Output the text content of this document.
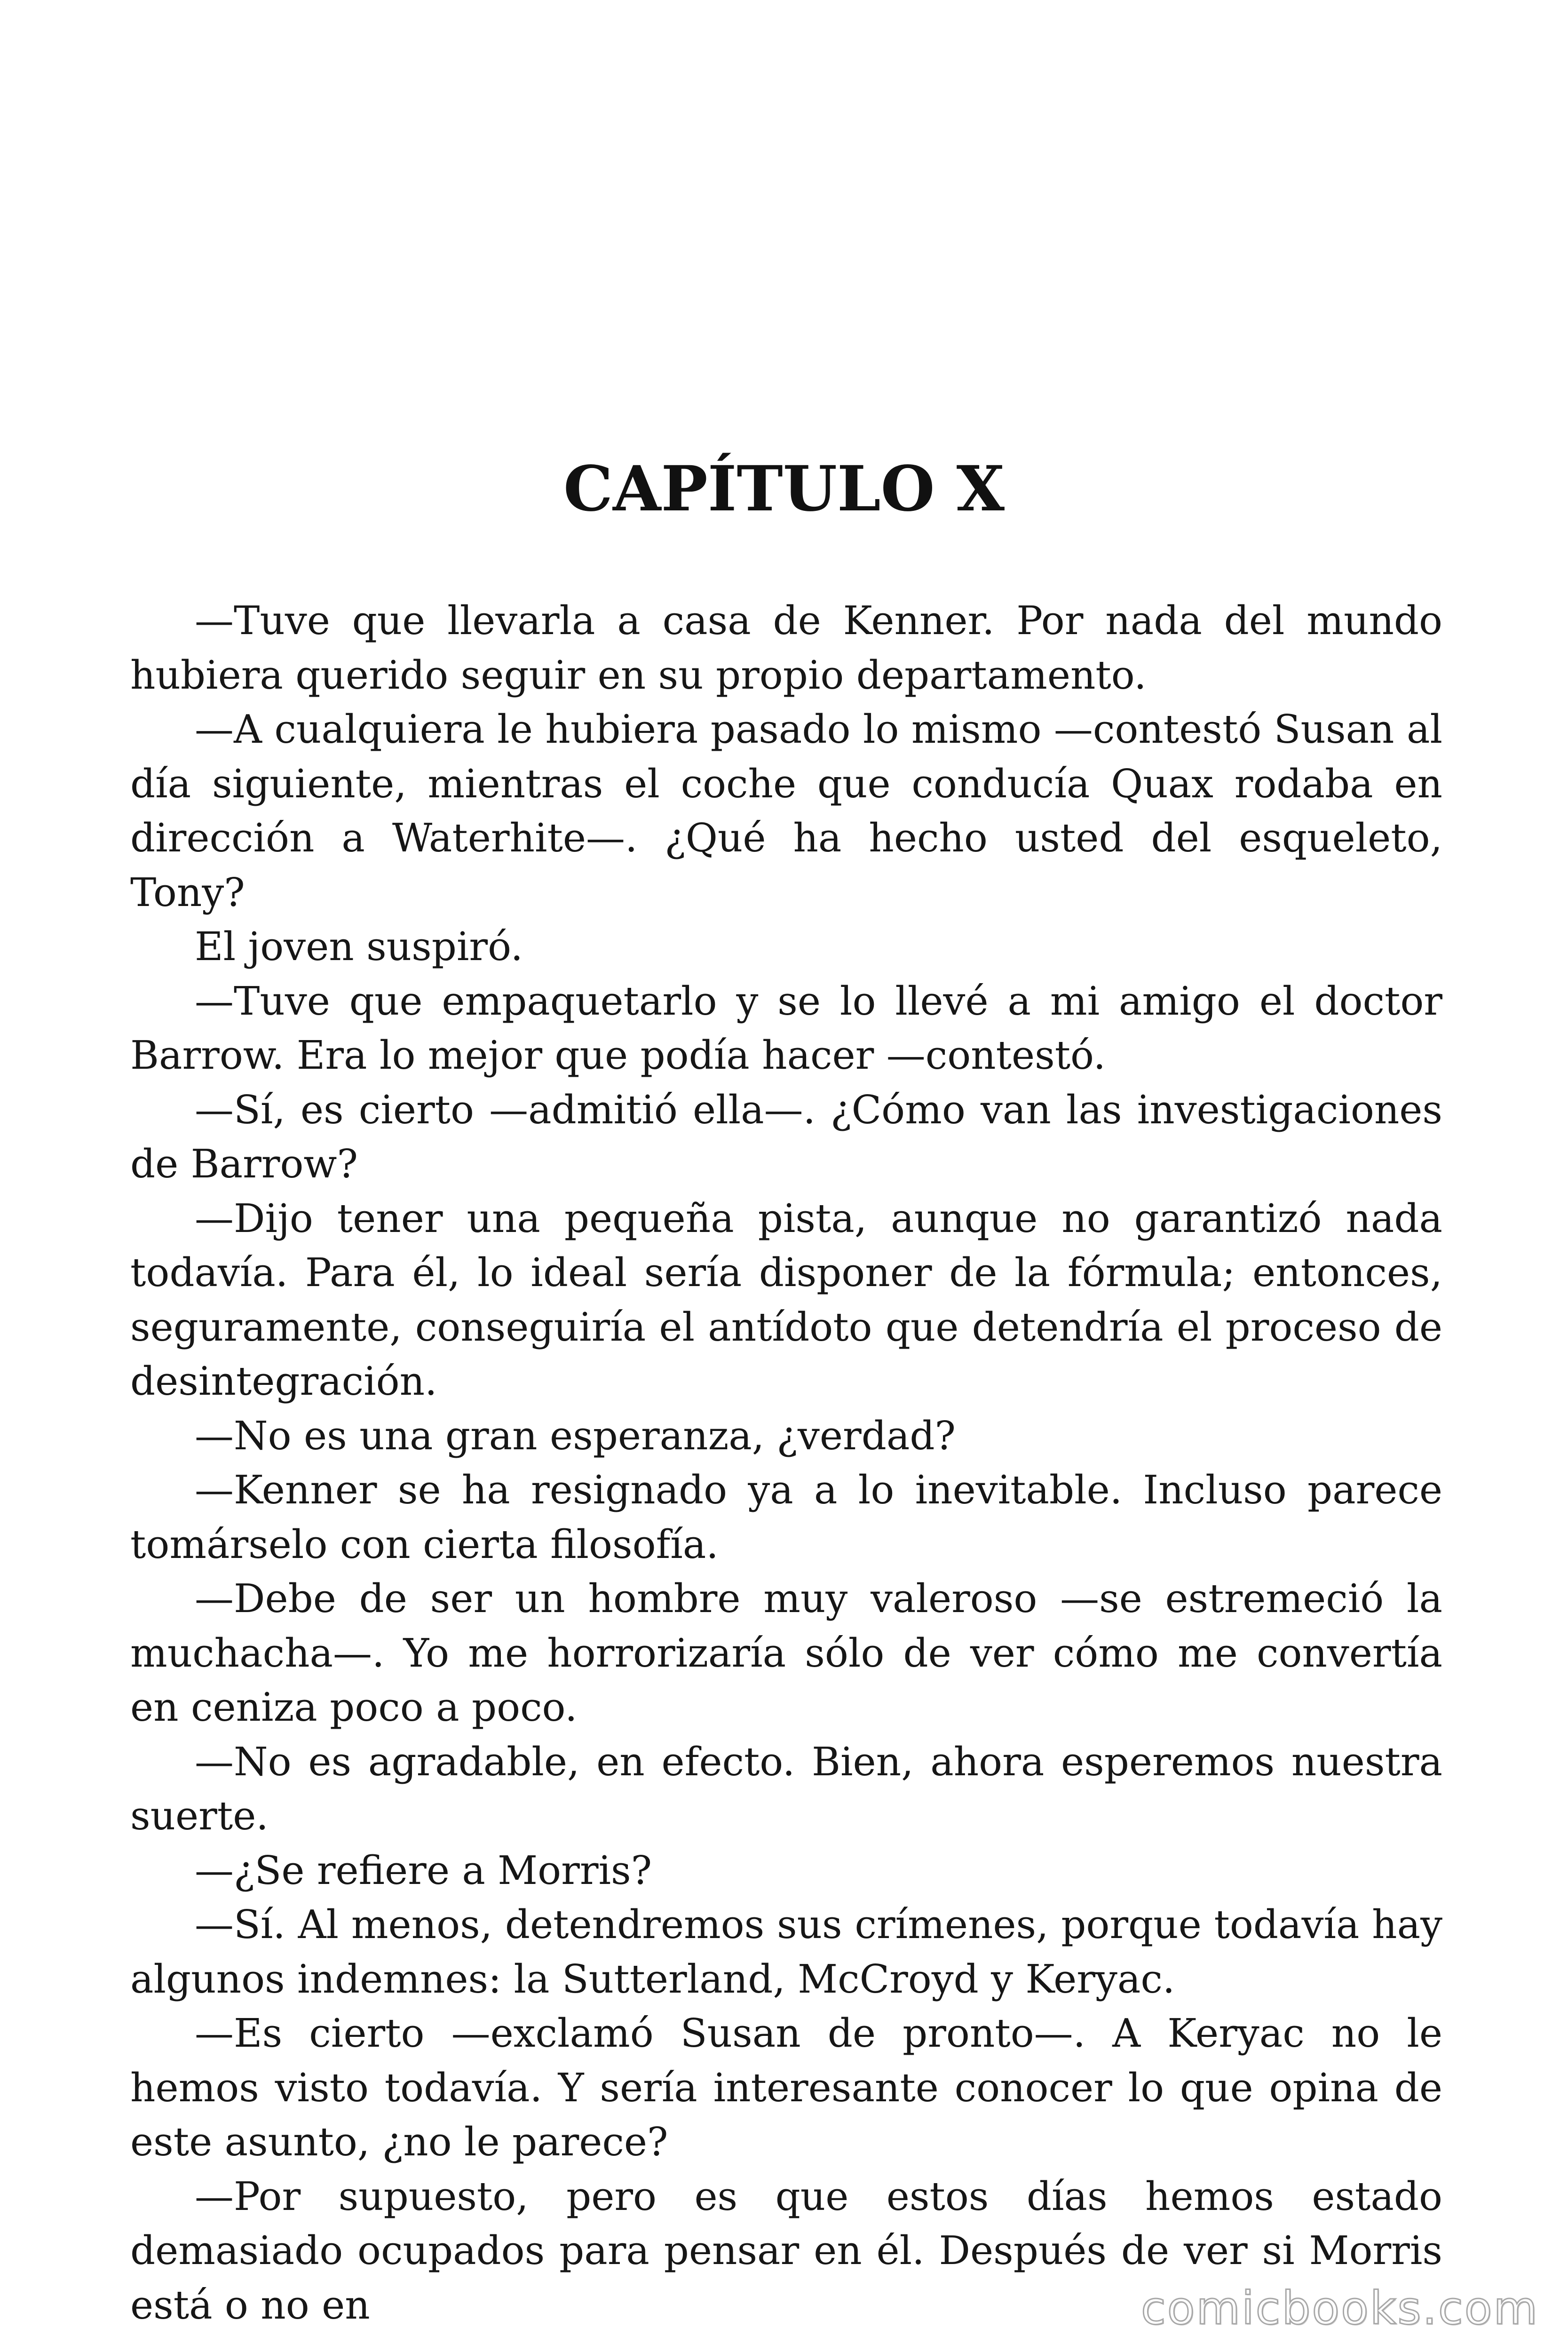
CAPÍTULO X

—Tuve que llevarla a casa de Kenner. Por nada del mundo hubiera querido seguir en su propio departamento.

—A cualquiera le hubiera pasado lo mismo —contestó Susan al día siguiente, mientras el coche que conducía Quax rodaba en dirección a Waterhite—. ¿Qué ha hecho usted del esqueleto, Tony?

El joven suspiró.

—Tuve que empaquetarlo y se lo llevé a mi amigo el doctor Barrow. Era lo mejor que podía hacer —contestó.

—Sí, es cierto —admitió ella—. ¿Cómo van las investigaciones de Barrow?

—Dijo tener una pequeña pista, aunque no garantizó nada todavía. Para él, lo ideal sería disponer de la fórmula; entonces, seguramente, conseguiría el antídoto que detendría el proceso de desintegración.

—No es una gran esperanza, ¿verdad?

—Kenner se ha resignado ya a lo inevitable. Incluso parece tomárselo con cierta filosofía.

—Debe de ser un hombre muy valeroso —se estremeció la muchacha—. Yo me horrorizaría sólo de ver cómo me convertía en ceniza poco a poco.

—No es agradable, en efecto. Bien, ahora esperemos nuestra suerte.

—¿Se refiere a Morris?

—Sí. Al menos, detendremos sus crímenes, porque todavía hay algunos indemnes: la Sutterland, McCroyd y Keryac.

—Es cierto —exclamó Susan de pronto—. A Keryac no le hemos visto todavía. Y sería interesante conocer lo que opina de este asunto, ¿no le parece?

—Por supuesto, pero es que estos días hemos estado demasiado ocupados para pensar en él. Después de ver si Morris está o no en	comicbooks.com
